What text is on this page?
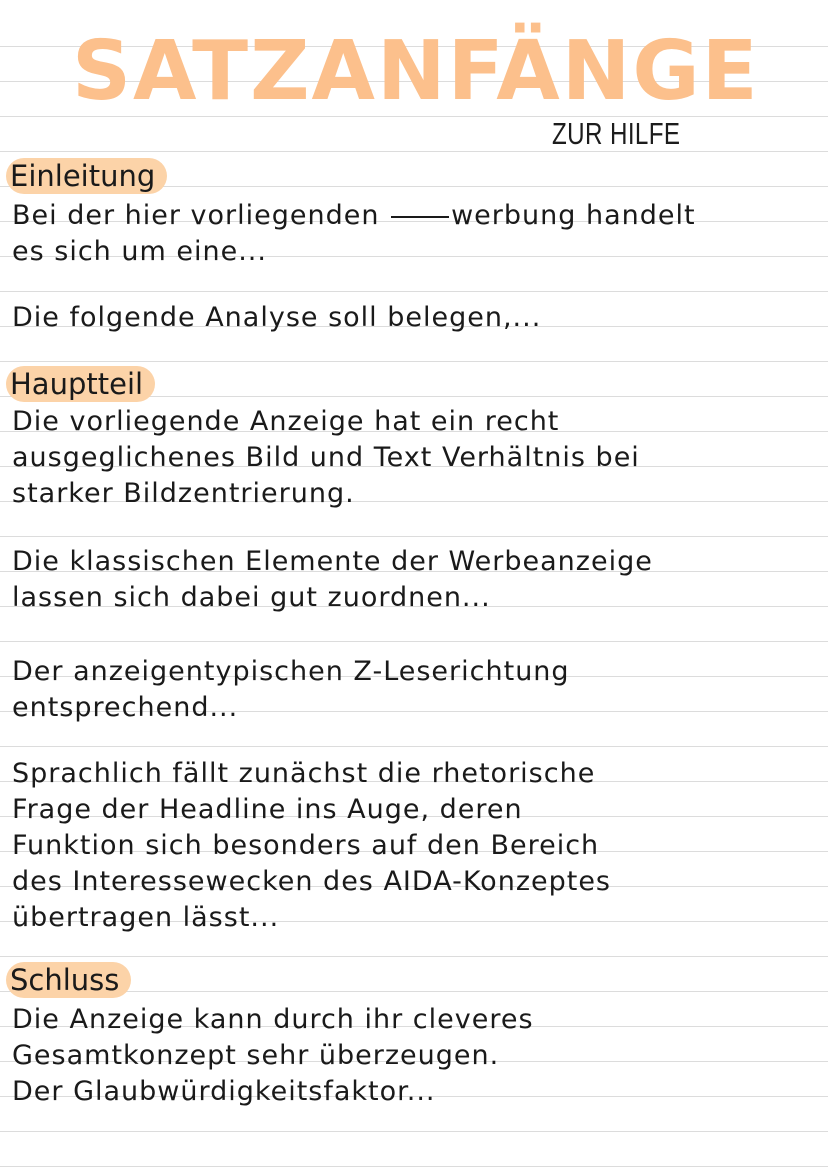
SATZANFÄNGE
ZUR HILFE
Einleitung
Bei der hier vorliegenden	werbung handelt
es sich um eine...
Die folgende Analyse soll belegen,...
Hauptteil
Die vorliegende Anzeige hat ein recht
ausgeglichenes Bild und Text Verhältnis bei
starker Bildzentrierung.
Die klassischen Elemente der Werbeanzeige
lassen sich dabei gut zuordnen...
Der anzeigentypischen Z-Leserichtung
entsprechend...
Sprachlich fällt zunächst die rhetorische
Frage der Headline ins Auge, deren
Funktion sich besonders auf den Bereich
des Interessewecken des AIDA-Konzeptes
übertragen lässt...
Schluss
Die Anzeige kann durch ihr cleveres
Gesamtkonzept sehr überzeugen.
Der Glaubwürdigkeitsfaktor...
